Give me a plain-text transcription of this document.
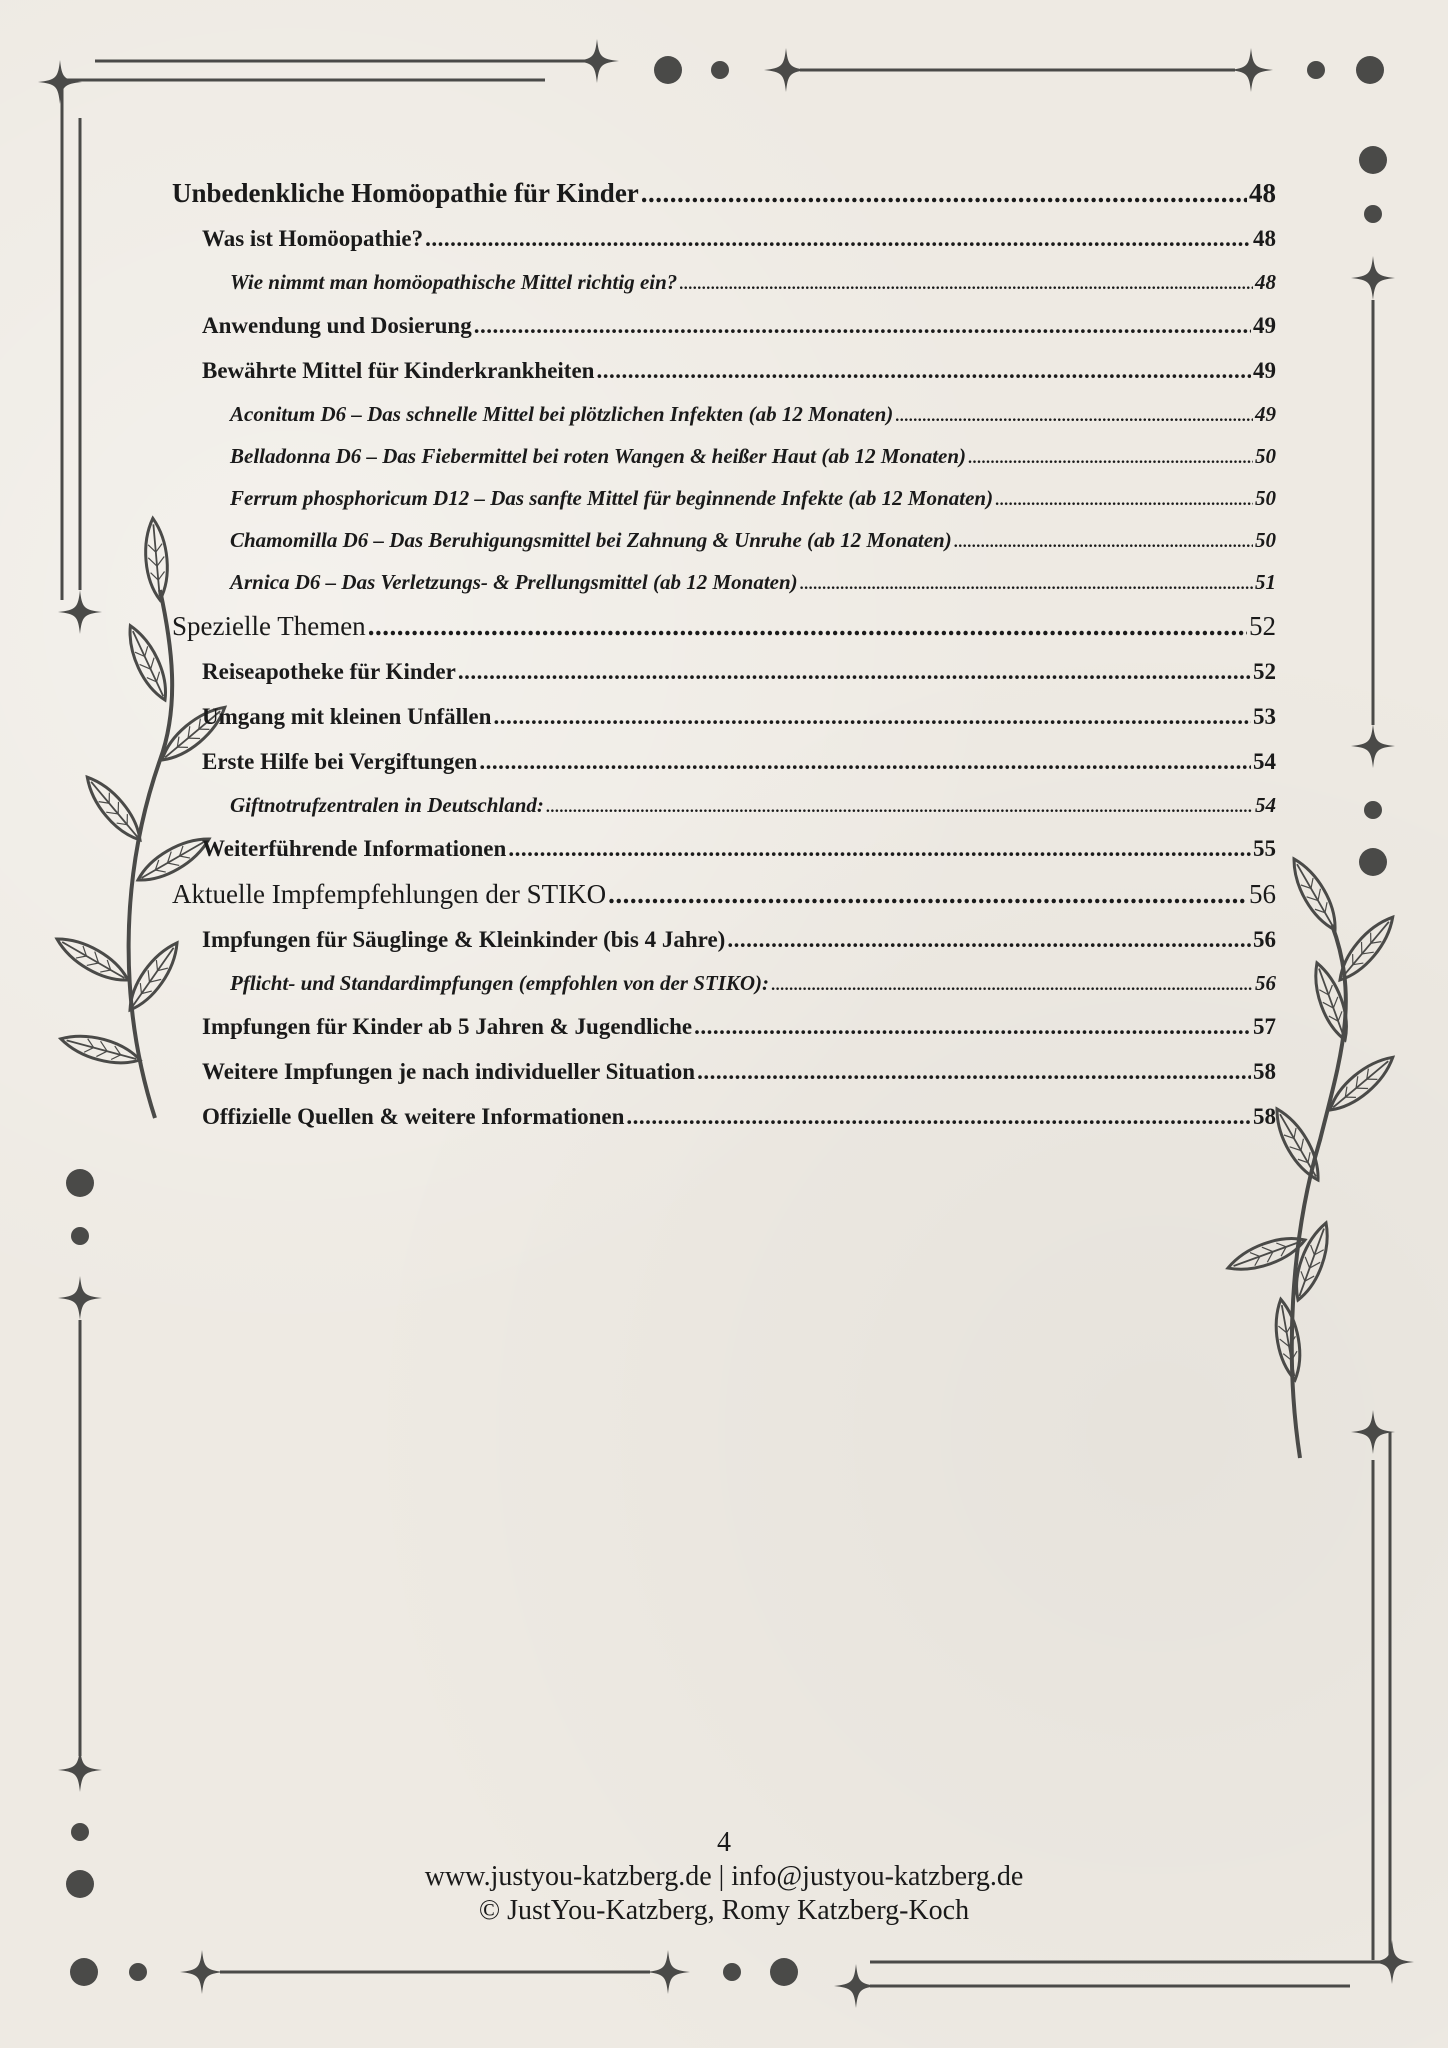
Unbedenkliche Homöopathie für Kinder .....	48
Was ist Homöopathie? .....	48
Wie nimmt man homöopathische Mittel richtig ein? .....	48
Anwendung und Dosierung .....	49
Bewährte Mittel für Kinderkrankheiten .....	49
Aconitum D6 – Das schnelle Mittel bei plötzlichen Infekten (ab 12 Monaten) .....	49
Belladonna D6 – Das Fiebermittel bei roten Wangen & heißer Haut (ab 12 Monaten) .....	50
Ferrum phosphoricum D12 – Das sanfte Mittel für beginnende Infekte (ab 12 Monaten) .....	50
Chamomilla D6 – Das Beruhigungsmittel bei Zahnung & Unruhe (ab 12 Monaten) .....	50
Arnica D6 – Das Verletzungs- & Prellungsmittel (ab 12 Monaten) .....	51
Spezielle Themen .....	52
Reiseapotheke für Kinder .....	52
Umgang mit kleinen Unfällen .....	53
Erste Hilfe bei Vergiftungen .....	54
Giftnotrufzentralen in Deutschland: .....	54
Weiterführende Informationen .....	55
Aktuelle Impfempfehlungen der STIKO .....	56
Impfungen für Säuglinge & Kleinkinder (bis 4 Jahre) .....	56
Pflicht- und Standardimpfungen (empfohlen von der STIKO): .....	56
Impfungen für Kinder ab 5 Jahren & Jugendliche .....	57
Weitere Impfungen je nach individueller Situation .....	58
Offizielle Quellen & weitere Informationen .....	58
4
www.justyou-katzberg.de | info@justyou-katzberg.de
© JustYou-Katzberg, Romy Katzberg-Koch
